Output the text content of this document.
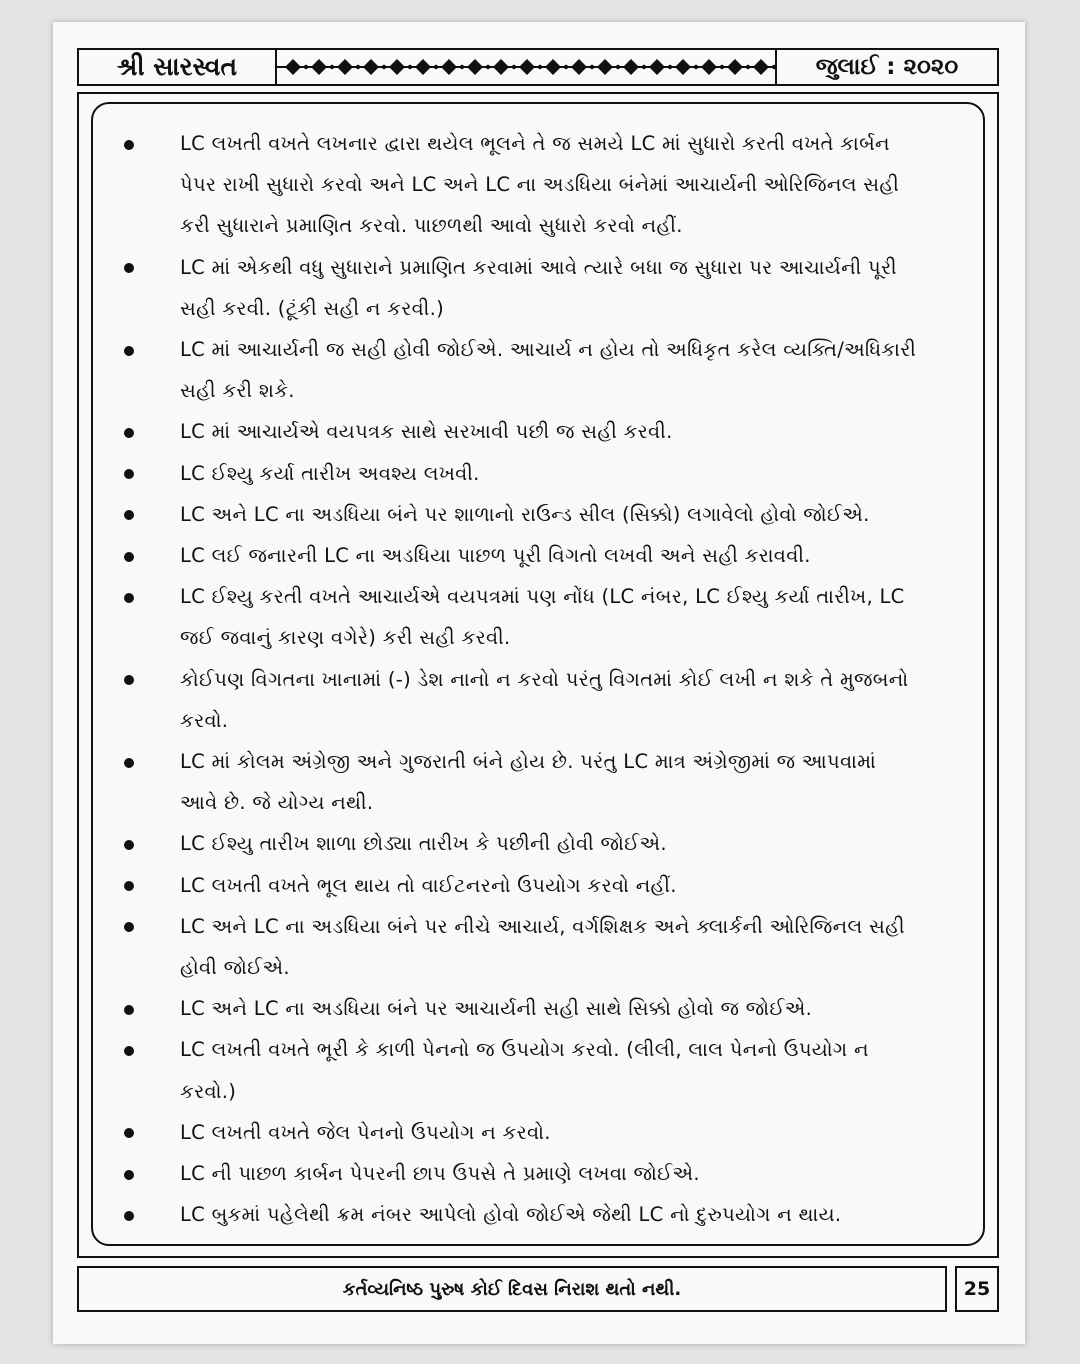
શ્રી સારસ્વત	જુલાઈ : ૨૦૨૦
LC લખતી વખતે લખનાર દ્વારા થયેલ ભૂલને તે જ સમયે LC માં સુધારો કરતી વખતે કાર્બન
પેપર રાખી સુધારો કરવો અને LC અને LC ના અડધિયા બંનેમાં આચાર્યની ઓરિજિનલ સહી
કરી સુધારાને પ્રમાણિત કરવો. પાછળથી આવો સુધારો કરવો નહીં.
LC માં એકથી વધુ સુધારાને પ્રમાણિત કરવામાં આવે ત્યારે બધા જ સુધારા પર આચાર્યની પૂરી
સહી કરવી. (ટૂંકી સહી ન કરવી.)
LC માં આચાર્યની જ સહી હોવી જોઈએ. આચાર્ય ન હોય તો અધિકૃત કરેલ વ્યક્તિ/અધિકારી
સહી કરી શકે.
LC માં આચાર્યએ વયપત્રક સાથે સરખાવી પછી જ સહી કરવી.
LC ઈશ્યુ કર્યા તારીખ અવશ્ય લખવી.
LC અને LC ના અડધિયા બંને પર શાળાનો રાઉન્ડ સીલ (સિક્કો) લગાવેલો હોવો જોઈએ.
LC લઈ જનારની LC ના અડધિયા પાછળ પૂરી વિગતો લખવી અને સહી કરાવવી.
LC ઈશ્યુ કરતી વખતે આચાર્યએ વયપત્રમાં પણ નોંધ (LC નંબર, LC ઈશ્યુ કર્યા તારીખ, LC
જઈ જવાનું કારણ વગેરે) કરી સહી કરવી.
કોઈપણ વિગતના ખાનામાં (-) ડેશ નાનો ન કરવો પરંતુ વિગતમાં કોઈ લખી ન શકે તે મુજબનો
કરવો.
LC માં કોલમ અંગ્રેજી અને ગુજરાતી બંને હોય છે. પરંતુ LC માત્ર અંગ્રેજીમાં જ આપવામાં
આવે છે. જે યોગ્ય નથી.
LC ઈશ્યુ તારીખ શાળા છોડ્યા તારીખ કે પછીની હોવી જોઈએ.
LC લખતી વખતે ભૂલ થાય તો વાઈટનરનો ઉપયોગ કરવો નહીં.
LC અને LC ના અડધિયા બંને પર નીચે આચાર્ય, વર્ગશિક્ષક અને ક્લાર્કની ઓરિજિનલ સહી
હોવી જોઈએ.
LC અને LC ના અડધિયા બંને પર આચાર્યની સહી સાથે સિક્કો હોવો જ જોઈએ.
LC લખતી વખતે ભૂરી કે કાળી પેનનો જ ઉપયોગ કરવો. (લીલી, લાલ પેનનો ઉપયોગ ન
કરવો.)
LC લખતી વખતે જેલ પેનનો ઉપયોગ ન કરવો.
LC ની પાછળ કાર્બન પેપરની છાપ ઉપસે તે પ્રમાણે લખવા જોઈએ.
LC બુકમાં પહેલેથી ક્રમ નંબર આપેલો હોવો જોઈએ જેથી LC નો દુરુપયોગ ન થાય.
કર્તવ્યનિષ્ઠ પુરુષ કોઈ દિવસ નિરાશ થતો નથી.	25
